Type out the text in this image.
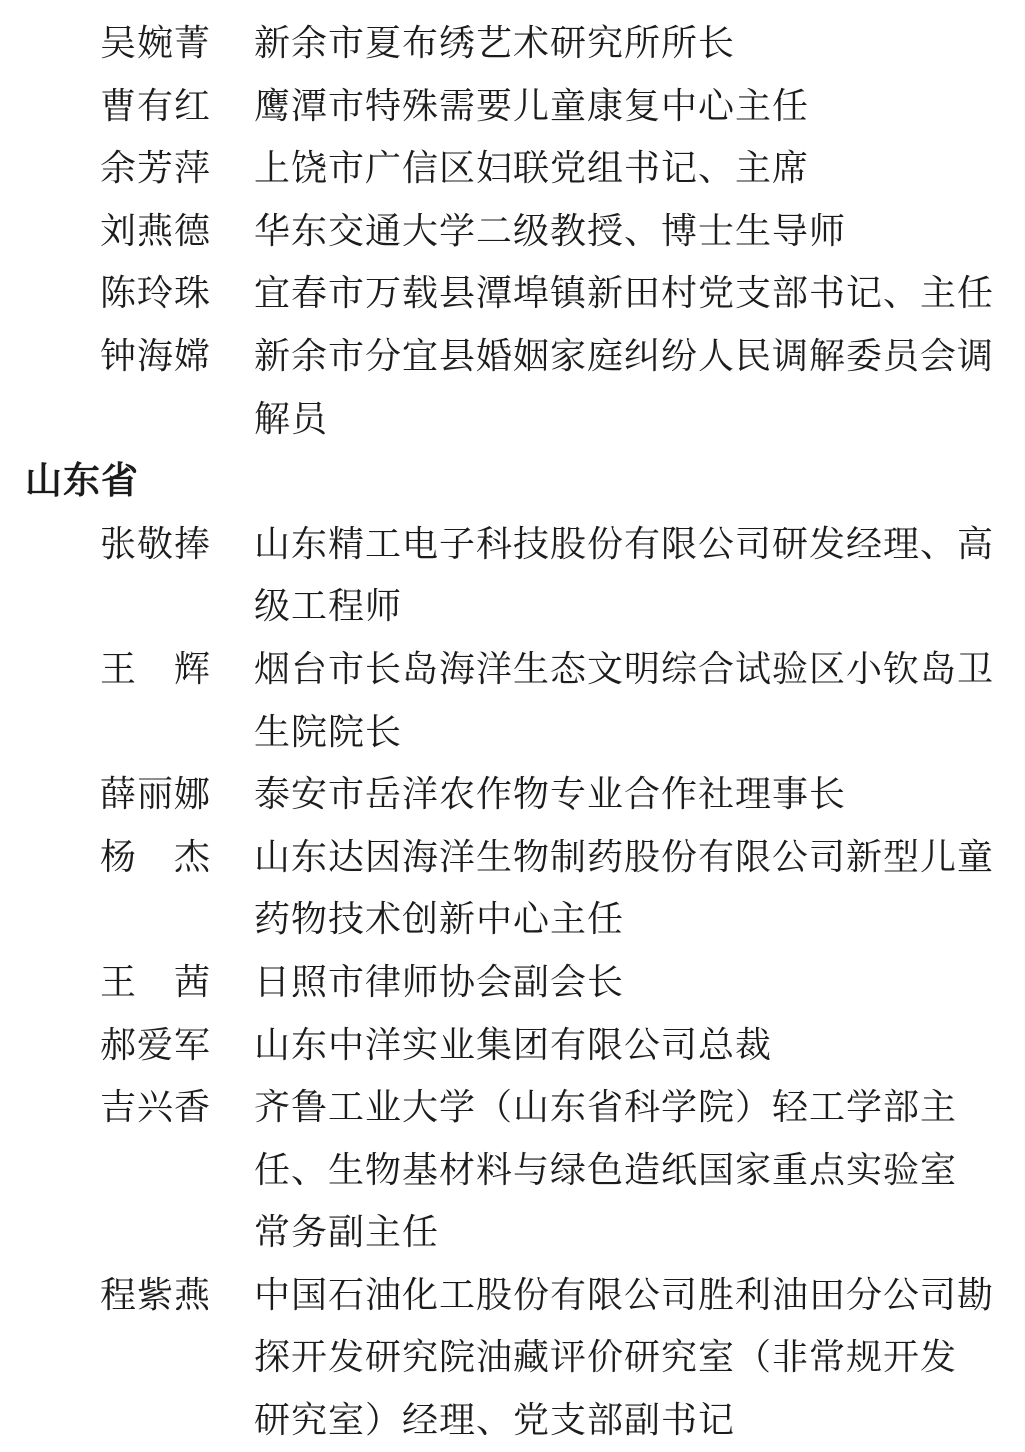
吴婉菁 新余市夏布绣艺术研究所所长
曹有红 鹰潭市特殊需要儿童康复中心主任
余芳萍 上饶市广信区妇联党组书记、主席
刘燕德 华东交通大学二级教授、博士生导师
陈玲珠 宜春市万载县潭埠镇新田村党支部书记、主任
钟海嫦 新余市分宜县婚姻家庭纠纷人民调解委员会调
解员
山东省
张敬捧 山东精工电子科技股份有限公司研发经理、高
级工程师
王　辉 烟台市长岛海洋生态文明综合试验区小钦岛卫
生院院长
薛丽娜 泰安市岳洋农作物专业合作社理事长
杨　杰 山东达因海洋生物制药股份有限公司新型儿童
药物技术创新中心主任
王　茜 日照市律师协会副会长
郝爱军 山东中洋实业集团有限公司总裁
吉兴香 齐鲁工业大学（山东省科学院）轻工学部主
任、生物基材料与绿色造纸国家重点实验室
常务副主任
程紫燕 中国石油化工股份有限公司胜利油田分公司勘
探开发研究院油藏评价研究室（非常规开发
研究室）经理、党支部副书记
